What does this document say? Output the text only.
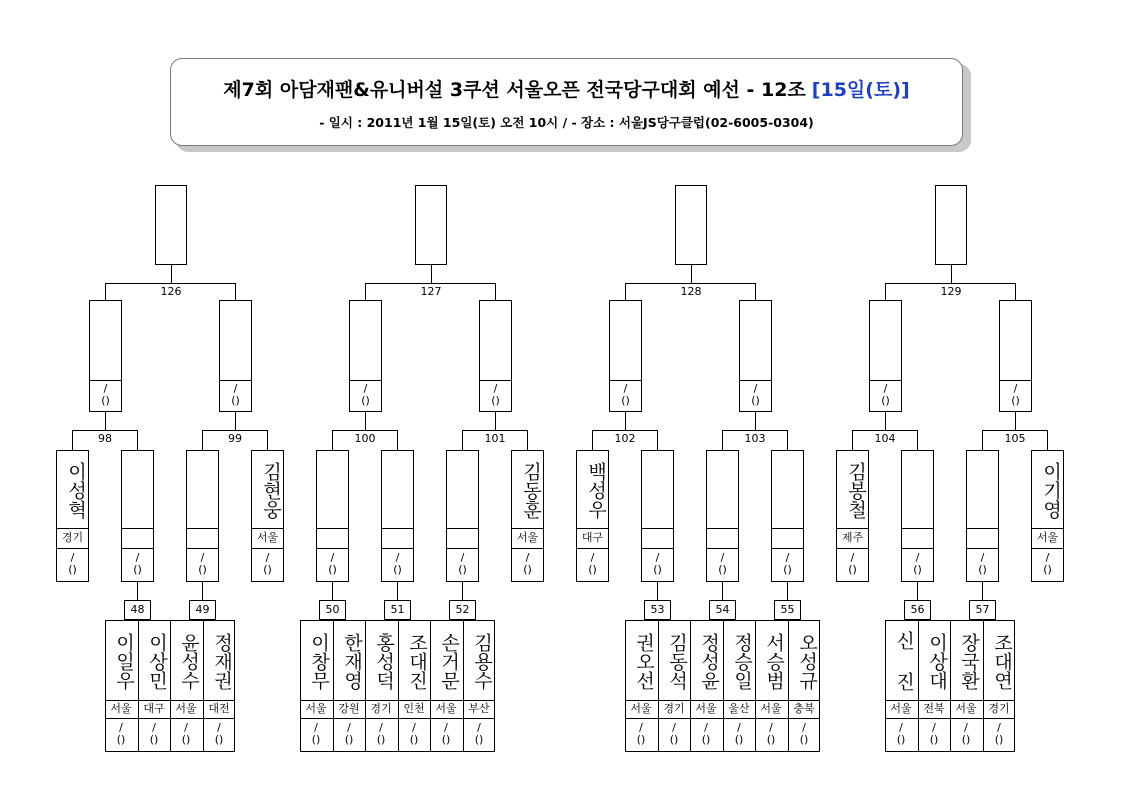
제7회 아담재팬&유니버설 3쿠션 서울오픈 전국당구대회 예선 - 12조 [15일(토)]
- 일시 : 2011년 1월 15일(토) 오전 10시 / - 장소 : 서울JS당구클럽(02-6005-0304)
126
/
()
/
()
127
/
()
/
()
128
/
()
/
()
129
/
()
/
()
98	99	100	101	102	103	104	105
이성혁
경기
/
()
/
()
/
()
김현웅
서울
/
()
/
()
/
()
/
()
김동훈
서울
/
()
백성우
대구
/
()
/
()
/
()
/
()
김봉철
제주
/
()
/
()
/
()
이기영
서울
/
()
48	49	50	51	52	53	54	55	56	57
이일우
서울
/
()
이상민
대구
/
()
윤성수
서울
/
()
정재권
대전
/
()
이창무
서울
/
()
한재영
강원
/
()
홍성덕
경기
/
()
조대진
인천
/
()
손거문
서울
/
()
김용수
부산
/
()
권오선
서울
/
()
김동석
경기
/
()
정성윤
서울
/
()
정승일
울산
/
()
서승범
서울
/
()
오성규
충북
/
()
신 진
서울
/
()
이상대
전북
/
()
장국환
서울
/
()
조대연
경기
/
()
